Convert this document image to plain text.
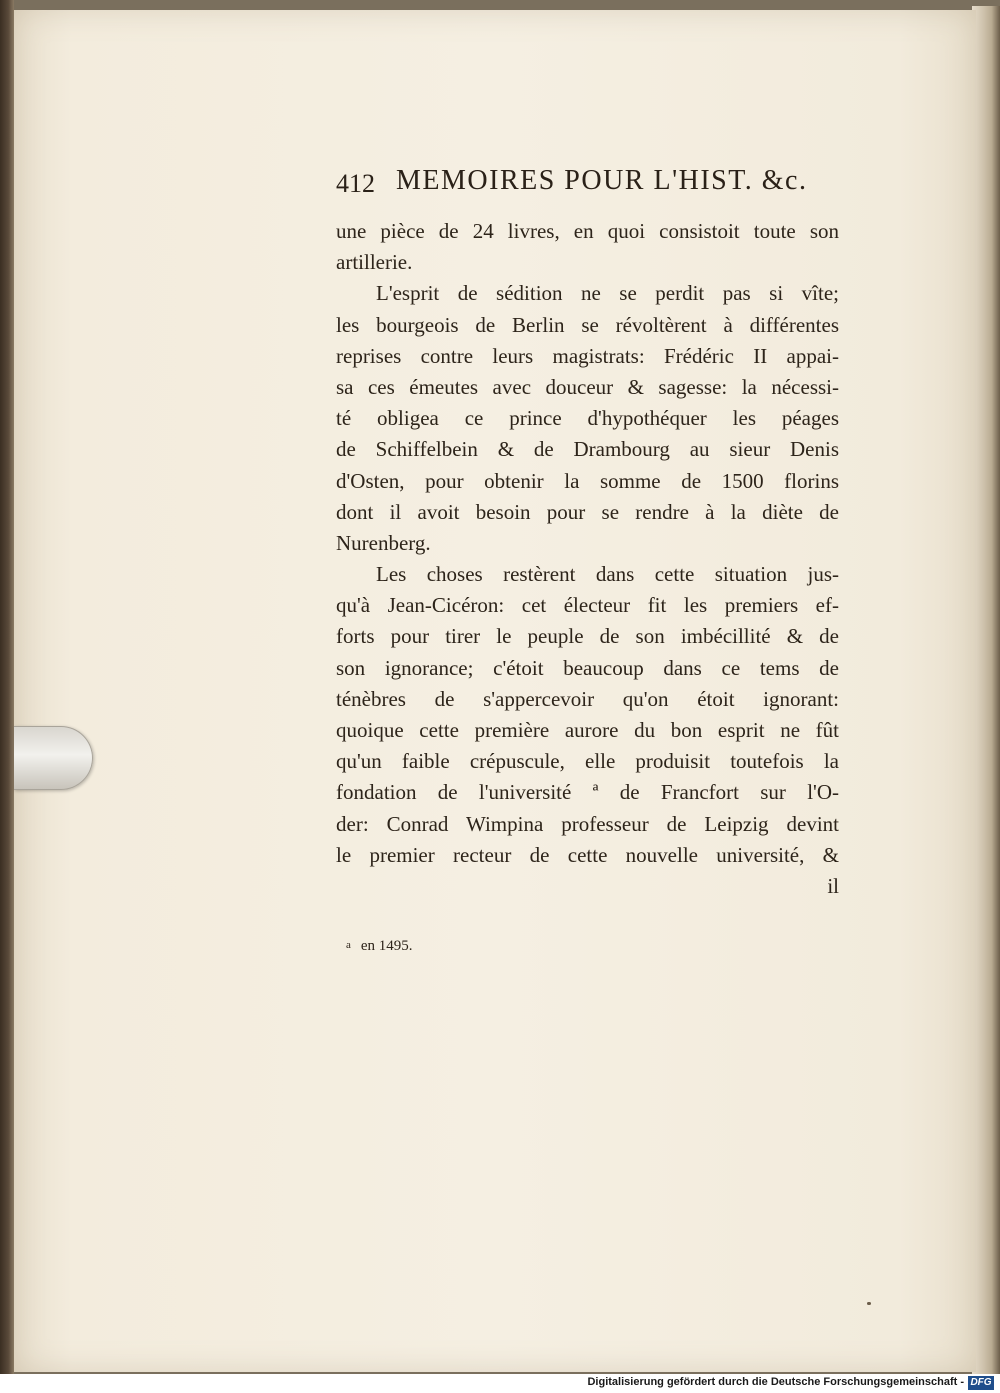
412 MEMOIRES POUR L'HIST. &c.
une pièce de 24 livres, en quoi consistoit toute son
artillerie.
L'esprit de sédition ne se perdit pas si vîte;
les bourgeois de Berlin se révoltèrent à différentes
reprises contre leurs magistrats: Frédéric II appai-
sa ces émeutes avec douceur & sagesse: la nécessi-
té obligea ce prince d'hypothéquer les péages
de Schiffelbein & de Drambourg au sieur Denis
d'Osten, pour obtenir la somme de 1500 florins
dont il avoit besoin pour se rendre à la diète de
Nurenberg.
Les choses restèrent dans cette situation jus-
qu'à Jean-Cicéron: cet électeur fit les premiers ef-
forts pour tirer le peuple de son imbécillité & de
son ignorance; c'étoit beaucoup dans ce tems de
ténèbres de s'appercevoir qu'on étoit ignorant:
quoique cette première aurore du bon esprit ne fût
qu'un faible crépuscule, elle produisit toutefois la
fondation de l'université ª de Francfort sur l'O-
der: Conrad Wimpina professeur de Leipzig devint
le premier recteur de cette nouvelle université, &
il
a en 1495.
Digitalisierung gefördert durch die Deutsche Forschungsgemeinschaft - DFG
